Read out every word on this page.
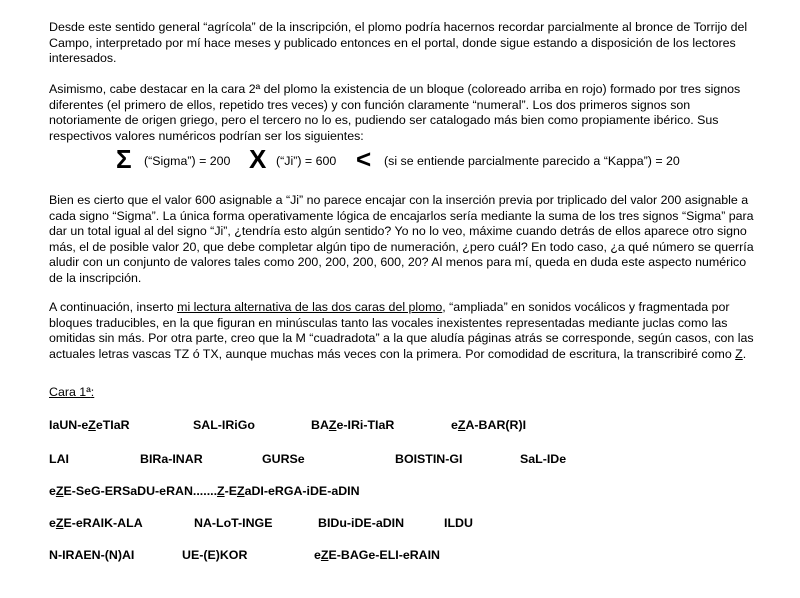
Desde este sentido general “agrícola” de la inscripción, el plomo podría hacernos recordar parcialmente al bronce de Torrijo del Campo, interpretado por mí hace meses y publicado entonces en el portal, donde sigue estando a disposición de los lectores interesados.
Asimismo, cabe destacar en la cara 2ª del plomo la existencia de un bloque (coloreado arriba en rojo) formado por tres signos diferentes (el primero de ellos, repetido tres veces) y con función claramente “numeral”. Los dos primeros signos son notoriamente de origen griego, pero el tercero no lo es, pudiendo ser catalogado más bien como propiamente ibérico. Sus respectivos valores numéricos podrían ser los siguientes:
Σ (“Sigma”) = 200 X (“Ji”) = 600 < (si se entiende parcialmente parecido a “Kappa”) = 20
Bien es cierto que el valor 600 asignable a “Ji” no parece encajar con la inserción previa por triplicado del valor 200 asignable a cada signo “Sigma”. La única forma operativamente lógica de encajarlos sería mediante la suma de los tres signos “Sigma” para dar un total igual al del signo “Ji”, ¿tendría esto algún sentido? Yo no lo veo, máxime cuando detrás de ellos aparece otro signo más, el de posible valor 20, que debe completar algún tipo de numeración, ¿pero cuál? En todo caso, ¿a qué número se querría aludir con un conjunto de valores tales como 200, 200, 200, 600, 20? Al menos para mí, queda en duda este aspecto numérico de la inscripción.
A continuación, inserto mi lectura alternativa de las dos caras del plomo, “ampliada” en sonidos vocálicos y fragmentada por bloques traducibles, en la que figuran en minúsculas tanto las vocales inexistentes representadas mediante juclas como las omitidas sin más. Por otra parte, creo que la M “cuadradota” a la que aludía páginas atrás se corresponde, según casos, con las actuales letras vascas TZ ó TX, aunque muchas más veces con la primera. Por comodidad de escritura, la transcribiré como Z.
Cara 1ª:
IaUN-eZeTIaR	SAL-IRiGo	BAZe-IRi-TIaR	eZA-BAR(R)I
LAI	BIRa-INAR	GURSe	BOISTIN-GI	SaL-IDe
eZE-SeG-ERSaDU-eRAN.......Z-EZaDI-eRGA-iDE-aDIN
eZE-eRAIK-ALA	NA-LoT-INGE	BIDu-iDE-aDIN	ILDU
N-IRAEN-(N)AI	UE-(E)KOR	eZE-BAGe-ELI-eRAIN
